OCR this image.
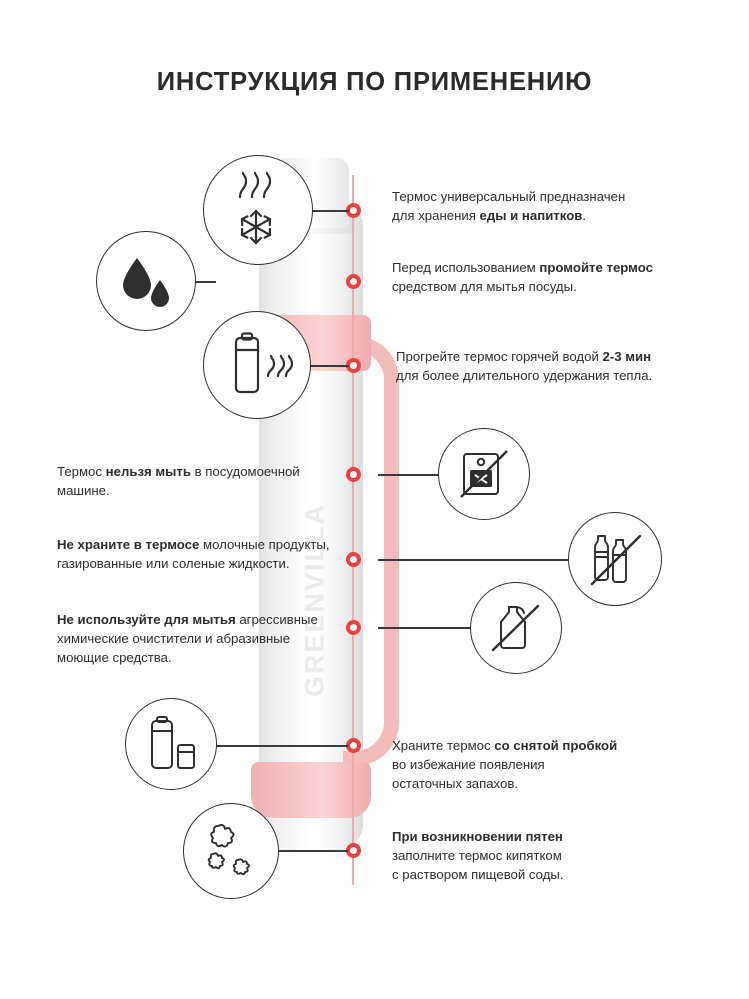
ИНСТРУКЦИЯ ПО ПРИМЕНЕНИЮ
GREENVILLA
Термос универсальный предназначен
для хранения еды и напитков.
Перед использованием промойте термос
средством для мытья посуды.
Прогрейте термос горячей водой 2-3 мин
для более длительного удержания тепла.
Термос нельзя мыть в посудомоечной
машине.
Не храните в термосе молочные продукты,
газированные или соленые жидкости.
Не используйте для мытья агрессивные
химические очистители и абразивные
моющие средства.
Храните термос со снятой пробкой
во избежание появления
остаточных запахов.
При возникновении пятен
заполните термос кипятком
с раствором пищевой соды.
